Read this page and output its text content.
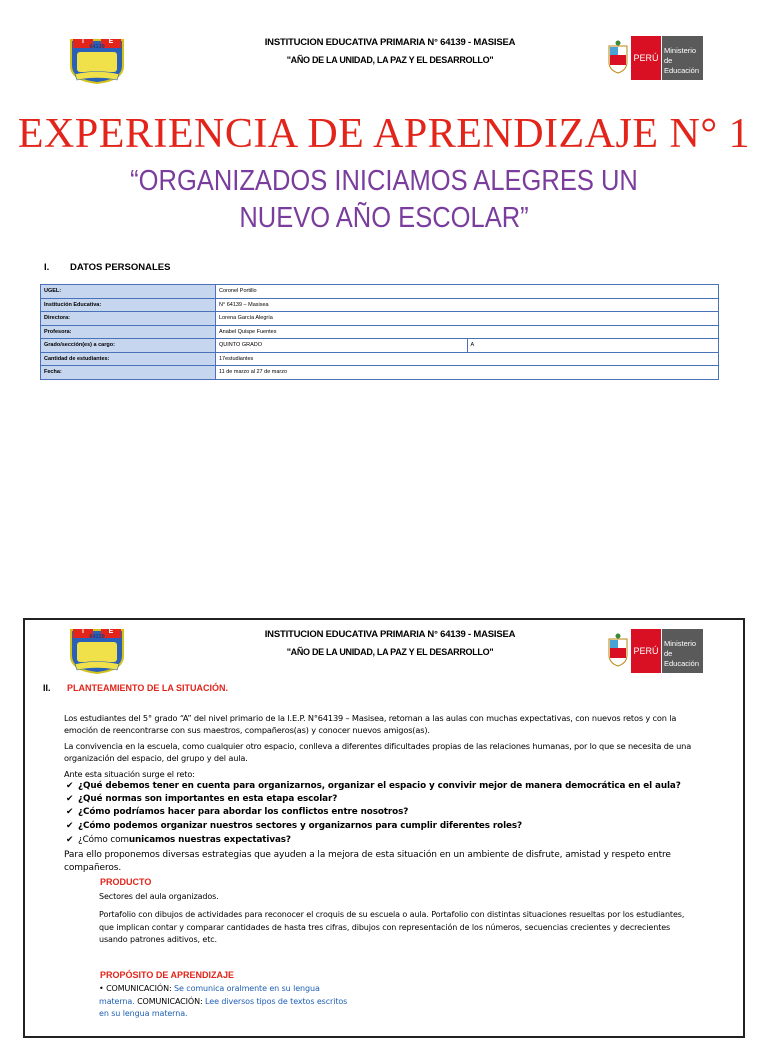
I	E
64139	INSTITUCION EDUCATIVA PRIMARIA N° 64139 - MASISEA
"AÑO DE LA UNIDAD, LA PAZ Y EL DESARROLLO"	PERÚ
Ministerio
de Educación
EXPERIENCIA DE APRENDIZAJE N° 1
“ORGANIZADOS INICIAMOS ALEGRES UN NUEVO AÑO ESCOLAR”
I. DATOS PERSONALES
UGEL:	Coronel Portillo	
Institución Educativa:	N° 64139 – Masisea	
Directora:	Lorena García Alegría	
Profesora:	Anabel Quispe Fuentes	
Grado/sección(es) a cargo:	QUINTO GRADO	A
Cantidad de estudiantes:	17estudiantes	
Fecha:	11 de marzo al 27 de marzo	
I	E
64139	INSTITUCION EDUCATIVA PRIMARIA N° 64139 - MASISEA
"AÑO DE LA UNIDAD, LA PAZ Y EL DESARROLLO"	PERÚ
Ministerio
de Educación
II. PLANTEAMIENTO DE LA SITUACIÓN.
Los estudiantes del 5° grado “A” del nivel primario de la I.E.P. N°64139 – Masisea, retornan a las aulas con muchas expectativas, con nuevos retos y con la emoción de reencontrarse con sus maestros, compañeros(as) y conocer nuevos amigos(as).
La convivencia en la escuela, como cualquier otro espacio, conlleva a diferentes dificultades propias de las relaciones humanas, por lo que se necesita de una organización del espacio, del grupo y del aula.
Ante esta situación surge el reto:
✔ ¿Qué debemos tener en cuenta para organizarnos, organizar el espacio y convivir mejor de manera democrática en el aula?
✔ ¿Qué normas son importantes en esta etapa escolar?
✔ ¿Cómo podríamos hacer para abordar los conflictos entre nosotros?
✔ ¿Cómo podemos organizar nuestros sectores y organizarnos para cumplir diferentes roles?
✔ ¿Cómo comunicamos nuestras expectativas?
Para ello proponemos diversas estrategias que ayuden a la mejora de esta situación en un ambiente de disfrute, amistad y respeto entre compañeros.
PRODUCTO
Sectores del aula organizados.
Portafolio con dibujos de actividades para reconocer el croquis de su escuela o aula. Portafolio con distintas situaciones resueltas por los estudiantes, que implican contar y comparar cantidades de hasta tres cifras, dibujos con representación de los números, secuencias crecientes y decrecientes usando patrones aditivos, etc.
PROPÓSITO DE APRENDIZAJE
• COMUNICACIÓN: Se comunica oralmente en su lengua materna. COMUNICACIÓN: Lee diversos tipos de textos escritos en su lengua materna.
